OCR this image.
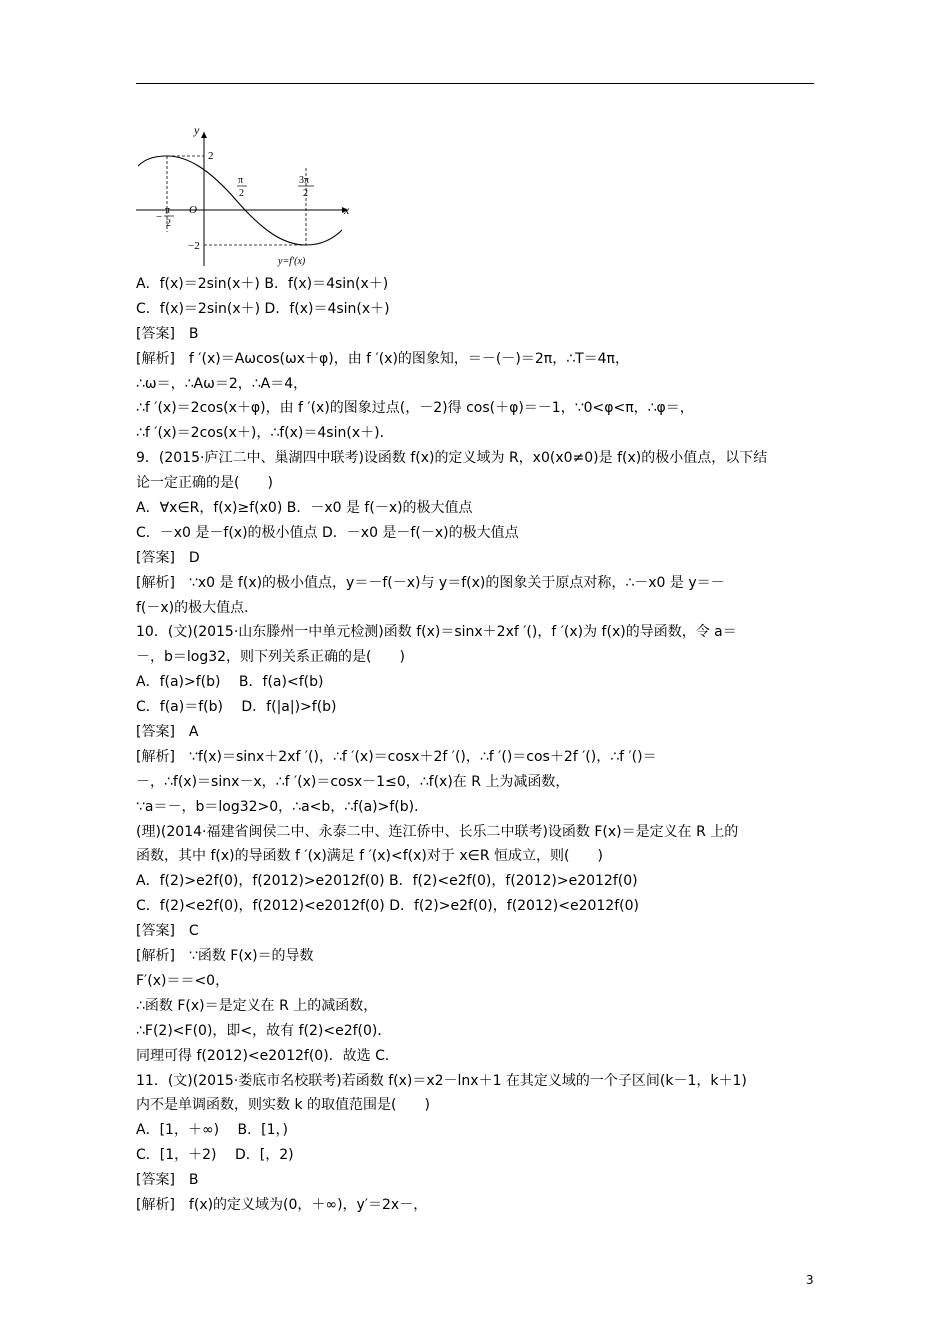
y
x
O
2
−2
−
π
2
π
2
3π
2
y=f′(x)
A．f(x)＝2sin(x＋) B．f(x)＝4sin(x＋)
C．f(x)＝2sin(x＋) D．f(x)＝4sin(x＋)
[答案]　B
[解析]　f ′(x)＝Aωcos(ωx＋φ)，由 f ′(x)的图象知，＝－(－)＝2π，∴T＝4π，
∴ω＝，∴Aω＝2，∴A＝4，
∴f ′(x)＝2cos(x＋φ)，由 f ′(x)的图象过点(，－2)得 cos(＋φ)＝－1，∵0<φ<π，∴φ＝，
∴f ′(x)＝2cos(x＋)，∴f(x)＝4sin(x＋)．
9．(2015·庐江二中、巢湖四中联考)设函数 f(x)的定义域为 R，x0(x0≠0)是 f(x)的极小值点，以下结
论一定正确的是(　　)
A．∀x∈R，f(x)≥f(x0) B．－x0 是 f(－x)的极大值点
C．－x0 是－f(x)的极小值点 D．－x0 是－f(－x)的极大值点
[答案]　D
[解析]　∵x0 是 f(x)的极小值点，y＝－f(－x)与 y＝f(x)的图象关于原点对称，∴－x0 是 y＝－
f(－x)的极大值点．
10．(文)(2015·山东滕州一中单元检测)函数 f(x)＝sinx＋2xf ′()，f ′(x)为 f(x)的导函数，令 a＝
－，b＝log32，则下列关系正确的是(　　)
A．f(a)>f(b)　 B．f(a)<f(b)
C．f(a)＝f(b)　 D．f(|a|)>f(b)
[答案]　A
[解析]　∵f(x)＝sinx＋2xf ′()，∴f ′(x)＝cosx＋2f ′()，∴f ′()＝cos＋2f ′()，∴f ′()＝
－，∴f(x)＝sinx－x，∴f ′(x)＝cosx－1≤0，∴f(x)在 R 上为减函数，
∵a＝－，b＝log32>0，∴a<b，∴f(a)>f(b)．
(理)(2014·福建省闽侯二中、永泰二中、连江侨中、长乐二中联考)设函数 F(x)＝是定义在 R 上的
函数，其中 f(x)的导函数 f ′(x)满足 f ′(x)<f(x)对于 x∈R 恒成立，则(　　)
A．f(2)>e2f(0)，f(2012)>e2012f(0) B．f(2)<e2f(0)，f(2012)>e2012f(0)
C．f(2)<e2f(0)，f(2012)<e2012f(0) D．f(2)>e2f(0)，f(2012)<e2012f(0)
[答案]　C
[解析]　∵函数 F(x)＝的导数
F′(x)＝＝<0，
∴函数 F(x)＝是定义在 R 上的减函数，
∴F(2)<F(0)，即<，故有 f(2)<e2f(0)．
同理可得 f(2012)<e2012f(0)．故选 C．
11．(文)(2015·娄底市名校联考)若函数 f(x)＝x2－lnx＋1 在其定义域的一个子区间(k－1，k＋1)
内不是单调函数，则实数 k 的取值范围是(　　)
A．[1，＋∞)　 B．[1，)
C．[1，＋2)　 D．[，2)
[答案]　B
[解析]　f(x)的定义域为(0，＋∞)，y′＝2x－，
3
